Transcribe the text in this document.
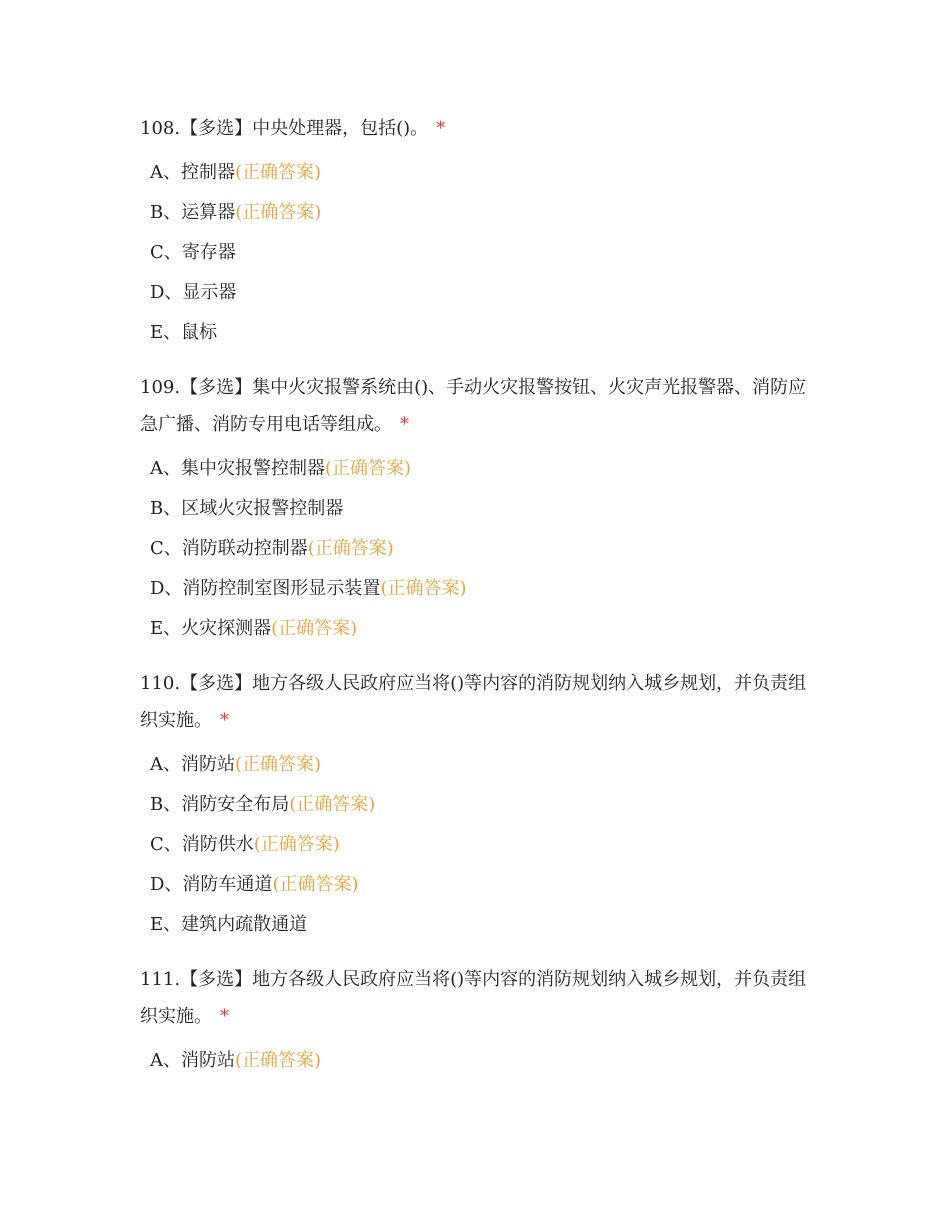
108.【多选】中央处理器，包括()。 *
A、控制器(正确答案)
B、运算器(正确答案)
C、寄存器
D、显示器
E、鼠标
109.【多选】集中火灾报警系统由()、手动火灾报警按钮、火灾声光报警器、消防应急广播、消防专用电话等组成。 *
A、集中灾报警控制器(正确答案)
B、区域火灾报警控制器
C、消防联动控制器(正确答案)
D、消防控制室图形显示装置(正确答案)
E、火灾探测器(正确答案)
110.【多选】地方各级人民政府应当将()等内容的消防规划纳入城乡规划，并负责组织实施。 *
A、消防站(正确答案)
B、消防安全布局(正确答案)
C、消防供水(正确答案)
D、消防车通道(正确答案)
E、建筑内疏散通道
111.【多选】地方各级人民政府应当将()等内容的消防规划纳入城乡规划，并负责组织实施。 *
A、消防站(正确答案)
